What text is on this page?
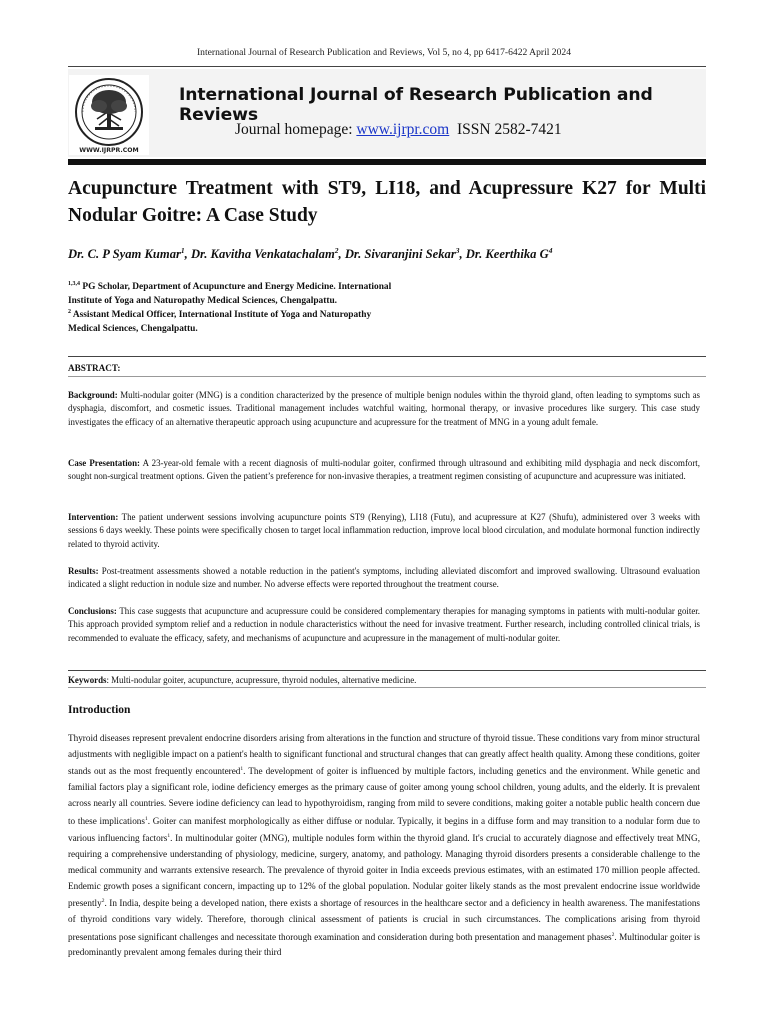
International Journal of Research Publication and Reviews, Vol 5, no 4, pp 6417-6422 April 2024
WWW.IJRPR.COM
International Journal of Research Publication and Reviews
Journal homepage: www.ijrpr.com ISSN 2582-7421
Acupuncture Treatment with ST9, LI18, and Acupressure K27 for Multi Nodular Goitre: A Case Study
Dr. C. P Syam Kumar$^1$, Dr. Kavitha Venkatachalam$^2$, Dr. Sivaranjini Sekar$^3$, Dr. Keerthika $G^4$
$^{1,3,4}$ PG Scholar, Department of Acupuncture and Energy Medicine. International
Institute of Yoga and Naturopathy Medical Sciences, Chengalpattu.
$^2$ Assistant Medical Officer, International Institute of Yoga and Naturopathy
Medical Sciences, Chengalpattu.
ABSTRACT:

Background: Multi-nodular goiter (MNG) is a condition characterized by the presence of multiple benign nodules within the thyroid gland, often leading to symptoms such as dysphagia, discomfort, and cosmetic issues. Traditional management includes watchful waiting, hormonal therapy, or invasive procedures like surgery. This case study investigates the efficacy of an alternative therapeutic approach using acupuncture and acupressure for the treatment of MNG in a young adult female.

Case Presentation: A 23-year-old female with a recent diagnosis of multi-nodular goiter, confirmed through ultrasound and exhibiting mild dysphagia and neck discomfort, sought non-surgical treatment options. Given the patient’s preference for non-invasive therapies, a treatment regimen consisting of acupuncture and acupressure was initiated.

Intervention: The patient underwent sessions involving acupuncture points ST9 (Renying), LI18 (Futu), and acupressure at K27 (Shufu), administered over 3 weeks with sessions 6 days weekly. These points were specifically chosen to target local inflammation reduction, improve local blood circulation, and modulate hormonal function indirectly related to thyroid activity.

Results: Post-treatment assessments showed a notable reduction in the patient's symptoms, including alleviated discomfort and improved swallowing. Ultrasound evaluation indicated a slight reduction in nodule size and number. No adverse effects were reported throughout the treatment course.

Conclusions: This case suggests that acupuncture and acupressure could be considered complementary therapies for managing symptoms in patients with multi-nodular goiter. This approach provided symptom relief and a reduction in nodule characteristics without the need for invasive treatment. Further research, including controlled clinical trials, is recommended to evaluate the efficacy, safety, and mechanisms of acupuncture and acupressure in the management of multi-nodular goiter.

Keywords: Multi-nodular goiter, acupuncture, acupressure, thyroid nodules, alternative medicine.
Introduction

Thyroid diseases represent prevalent endocrine disorders arising from alterations in the function and structure of thyroid tissue. These conditions vary from minor structural adjustments with negligible impact on a patient's health to significant functional and structural changes that can greatly affect health quality. Among these conditions, goiter stands out as the most frequently encountered$^1$. The development of goiter is influenced by multiple factors, including genetics and the environment. While genetic and familial factors play a significant role, iodine deficiency emerges as the primary cause of goiter among young school children, young adults, and the elderly. It is prevalent across nearly all countries. Severe iodine deficiency can lead to hypothyroidism, ranging from mild to severe conditions, making goiter a notable public health concern due to these implications$^1$. Goiter can manifest morphologically as either diffuse or nodular. Typically, it begins in a diffuse form and may transition to a nodular form due to various influencing factors$^1$. In multinodular goiter (MNG), multiple nodules form within the thyroid gland. It's crucial to accurately diagnose and effectively treat MNG, requiring a comprehensive understanding of physiology, medicine, surgery, anatomy, and pathology. Managing thyroid disorders presents a considerable challenge to the medical community and warrants extensive research. The prevalence of thyroid goiter in India exceeds previous estimates, with an estimated 170 million people affected. Endemic growth poses a significant concern, impacting up to 12% of the global population. Nodular goiter likely stands as the most prevalent endocrine issue worldwide presently$^2$. In India, despite being a developed nation, there exists a shortage of resources in the healthcare sector and a deficiency in health awareness. The manifestations of thyroid conditions vary widely. Therefore, thorough clinical assessment of patients is crucial in such circumstances. The complications arising from thyroid presentations pose significant challenges and necessitate thorough examination and consideration during both presentation and management phases$^2$. Multinodular goiter is predominantly prevalent among females during their third
